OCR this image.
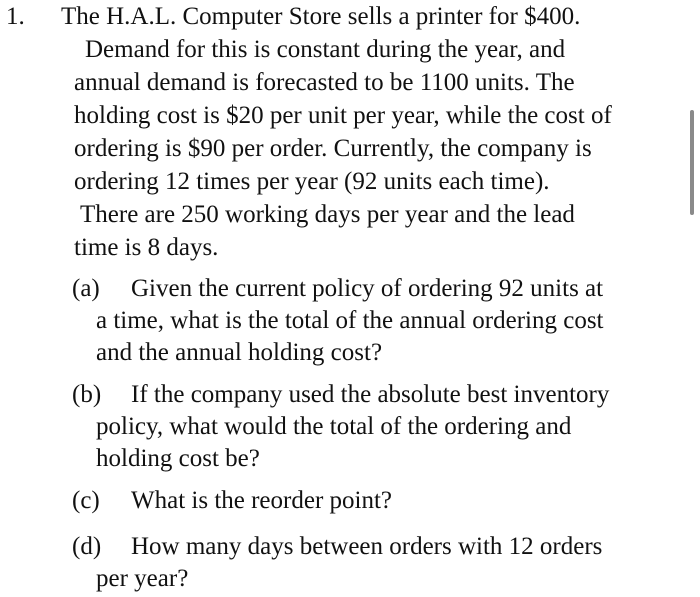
1. The H.A.L. Computer Store sells a printer for $400.
Demand for this is constant during the year, and
annual demand is forecasted to be 1100 units. The
holding cost is $20 per unit per year, while the cost of
ordering is $90 per order. Currently, the company is
ordering 12 times per year (92 units each time).
There are 250 working days per year and the lead
time is 8 days.
(a) Given the current policy of ordering 92 units at
a time, what is the total of the annual ordering cost
and the annual holding cost?
(b) If the company used the absolute best inventory
policy, what would the total of the ordering and
holding cost be?
(c) What is the reorder point?
(d) How many days between orders with 12 orders
per year?
